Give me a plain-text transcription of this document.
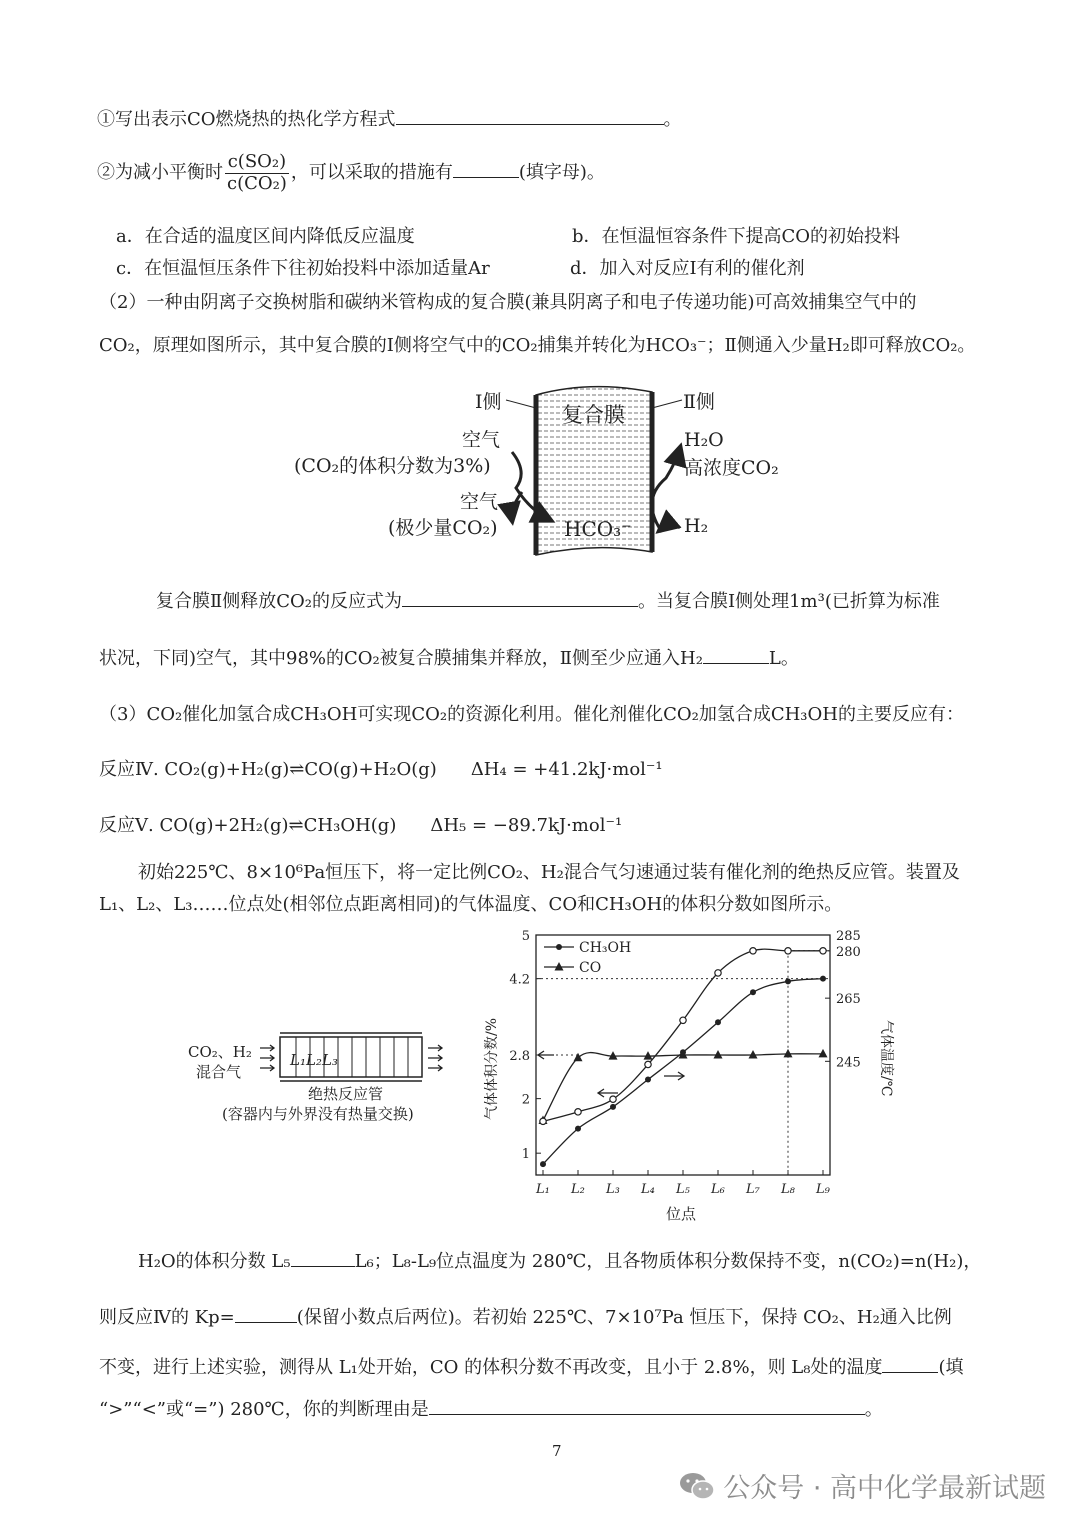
①写出表示CO燃烧热的热化学方程式	。
②为减小平衡时 $\frac{\text{c(SO₂)}}{\text{c(CO₂)}}$ ，可以采取的措施有	(填字母)。
a．在合适的温度区间内降低反应温度	b．在恒温恒容条件下提高CO的初始投料
c．在恒温恒压条件下往初始投料中添加适量Ar	d．加入对反应Ⅰ有利的催化剂
（2）一种由阴离子交换树脂和碳纳米管构成的复合膜(兼具阴离子和电子传递功能)可高效捕集空气中的
CO₂，原理如图所示，其中复合膜的Ⅰ侧将空气中的CO₂捕集并转化为HCO₃⁻；Ⅱ侧通入少量H₂即可释放CO₂。
复合膜
Ⅰ侧	Ⅱ侧
空气
(CO₂的体积分数为3%)
空气
(极少量CO₂)	HCO₃⁻
H₂O
高浓度CO₂
H₂
复合膜Ⅱ侧释放CO₂的反应式为	。当复合膜Ⅰ侧处理1m³(已折算为标准
状况，下同)空气，其中98%的CO₂被复合膜捕集并释放，Ⅱ侧至少应通入H₂	L。
（3）CO₂催化加氢合成CH₃OH可实现CO₂的资源化利用。催化剂催化CO₂加氢合成CH₃OH的主要反应有：
反应Ⅳ. CO₂(g)+H₂(g)⇌CO(g)+H₂O(g) ΔH₄ = +41.2kJ·mol⁻¹
反应Ⅴ. CO(g)+2H₂(g)⇌CH₃OH(g) ΔH₅ = −89.7kJ·mol⁻¹
初始225℃、8×10⁶Pa恒压下，将一定比例CO₂、H₂混合气匀速通过装有催化剂的绝热反应管。装置及
L₁、L₂、L₃……位点处(相邻位点距离相同)的气体温度、CO和CH₃OH的体积分数如图所示。
CO₂、H₂
混合气
L₁L₂L₃
绝热反应管
(容器内与外界没有热量交换)
L₁ L₂ L₃ L₄ L₅ L₆ L₇ L₈ L₉
1
2
2.8
4.2
5
245
265
280
285
CH₃OH
CO
位点
气体体积分数/%	气体温度/℃
H₂O的体积分数 L₅	L₆；L₈-L₉位点温度为 280℃，且各物质体积分数保持不变，n(CO₂)=n(H₂)，
则反应Ⅳ的 Kp=	(保留小数点后两位)。若初始 225℃、7×10⁷Pa 恒压下，保持 CO₂、H₂通入比例
不变，进行上述实验，测得从 L₁处开始，CO 的体积分数不再改变，且小于 2.8%，则 L₈处的温度	(填
“>”“<”或“=”) 280℃，你的判断理由是	。
7
公众号 · 高中化学最新试题
